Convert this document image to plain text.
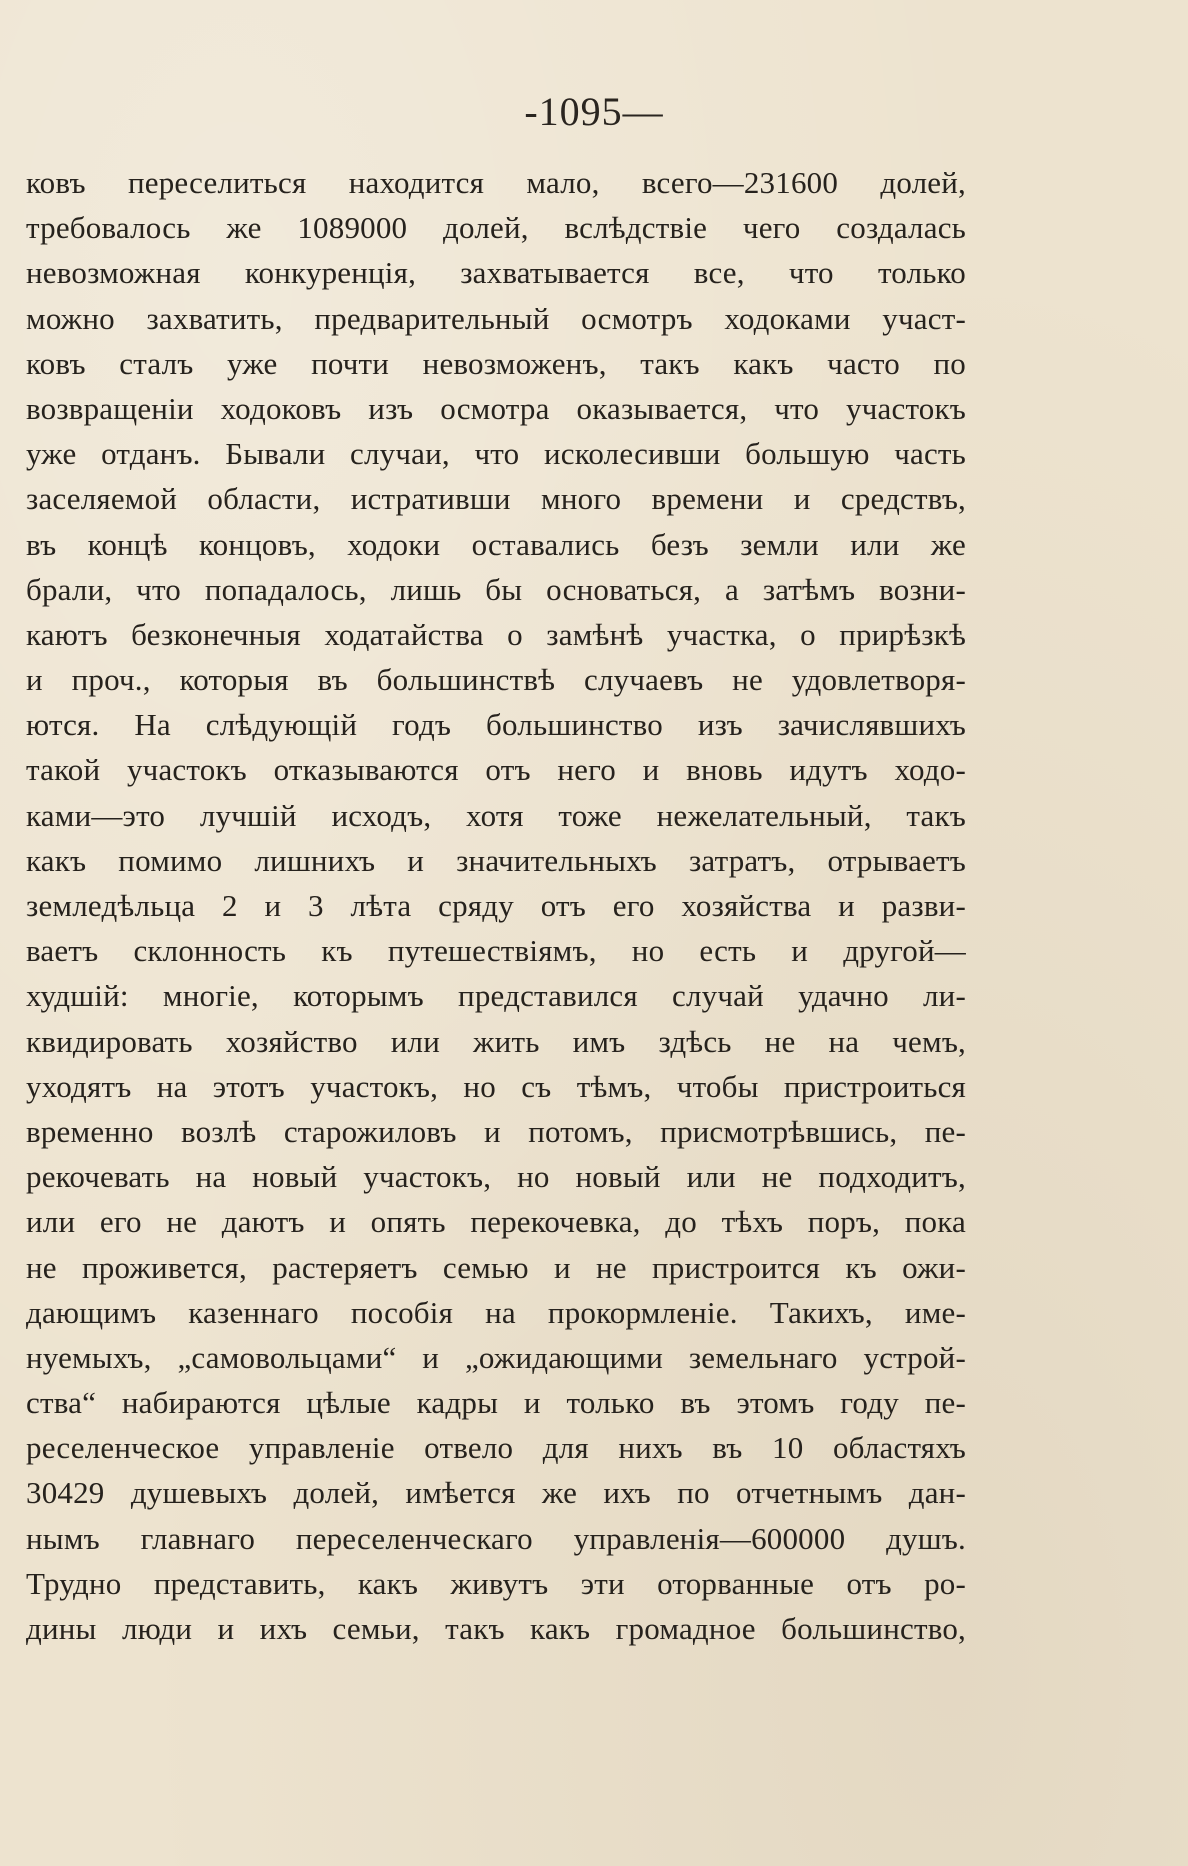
-1095—
ковъ переселиться находится мало, всего—231600 долей,
требовалось же 1089000 долей, вслѣдствіе чего создалась
невозможная конкуренція, захватывается все, что только
можно захватить, предварительный осмотръ ходоками участ-
ковъ сталъ уже почти невозможенъ, такъ какъ часто по
возвращеніи ходоковъ изъ осмотра оказывается, что участокъ
уже отданъ. Бывали случаи, что исколесивши большую часть
заселяемой области, истративши много времени и средствъ,
въ концѣ концовъ, ходоки оставались безъ земли или же
брали, что попадалось, лишь бы основаться, а затѣмъ возни-
каютъ безконечныя ходатайства о замѣнѣ участка, о прирѣзкѣ
и проч., которыя въ большинствѣ случаевъ не удовлетворя-
ются. На слѣдующій годъ большинство изъ зачислявшихъ
такой участокъ отказываются отъ него и вновь идутъ ходо-
ками—это лучшій исходъ, хотя тоже нежелательный, такъ
какъ помимо лишнихъ и значительныхъ затратъ, отрываетъ
земледѣльца 2 и 3 лѣта сряду отъ его хозяйства и разви-
ваетъ склонность къ путешествіямъ, но есть и другой—
худшій: многіе, которымъ представился случай удачно ли-
квидировать хозяйство или жить имъ здѣсь не на чемъ,
уходятъ на этотъ участокъ, но съ тѣмъ, чтобы пристроиться
временно возлѣ старожиловъ и потомъ, присмотрѣвшись, пе-
рекочевать на новый участокъ, но новый или не подходитъ,
или его не даютъ и опять перекочевка, до тѣхъ поръ, пока
не проживется, растеряетъ семью и не пристроится къ ожи-
дающимъ казеннаго пособія на прокормленіе. Такихъ, име-
нуемыхъ, „самовольцами“ и „ожидающими земельнаго устрой-
ства“ набираются цѣлые кадры и только въ этомъ году пе-
реселенческое управленіе отвело для нихъ въ 10 областяхъ
30429 душевыхъ долей, имѣется же ихъ по отчетнымъ дан-
нымъ главнаго переселенческаго управленія—600000 душъ.
Трудно представить, какъ живутъ эти оторванные отъ ро-
дины люди и ихъ семьи, такъ какъ громадное большинство,
